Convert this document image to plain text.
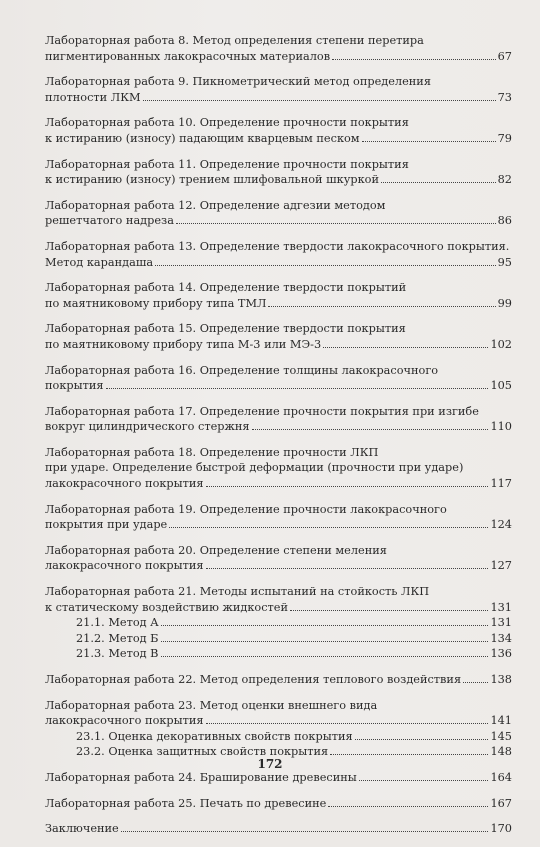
Лабораторная работа 8. Метод определения степени перетира
пигментированных лакокрасочных материалов	67
Лабораторная работа 9. Пикнометрический метод определения
плотности ЛКМ	73
Лабораторная работа 10. Определение прочности покрытия
к истиранию (износу) падающим кварцевым песком	79
Лабораторная работа 11. Определение прочности покрытия
к истиранию (износу) трением шлифовальной шкуркой	82
Лабораторная работа 12. Определение адгезии методом
решетчатого надреза	86
Лабораторная работа 13. Определение твердости лакокрасочного покрытия.
Метод карандаша	95
Лабораторная работа 14. Определение твердости покрытий
по маятниковому прибору типа ТМЛ	99
Лабораторная работа 15. Определение твердости покрытия
по маятниковому прибору типа М-3 или МЭ-3	102
Лабораторная работа 16. Определение толщины лакокрасочного
покрытия	105
Лабораторная работа 17. Определение прочности покрытия при изгибе
вокруг цилиндрического стержня	110
Лабораторная работа 18. Определение прочности ЛКП
при ударе. Определение быстрой деформации (прочности при ударе)
лакокрасочного покрытия	117
Лабораторная работа 19. Определение прочности лакокрасочного
покрытия при ударе	124
Лабораторная работа 20. Определение степени меления
лакокрасочного покрытия	127
Лабораторная работа 21. Методы испытаний на стойкость ЛКП
к статическому воздействию жидкостей	131
21.1. Метод А	131
21.2. Метод Б	134
21.3. Метод В	136
Лабораторная работа 22. Метод определения теплового воздействия	138
Лабораторная работа 23. Метод оценки внешнего вида
лакокрасочного покрытия	141
23.1. Оценка декоративных свойств покрытия	145
23.2. Оценка защитных свойств покрытия	148
Лабораторная работа 24. Браширование древесины	164
Лабораторная работа 25. Печать по древесине	167
Заключение	170
172
